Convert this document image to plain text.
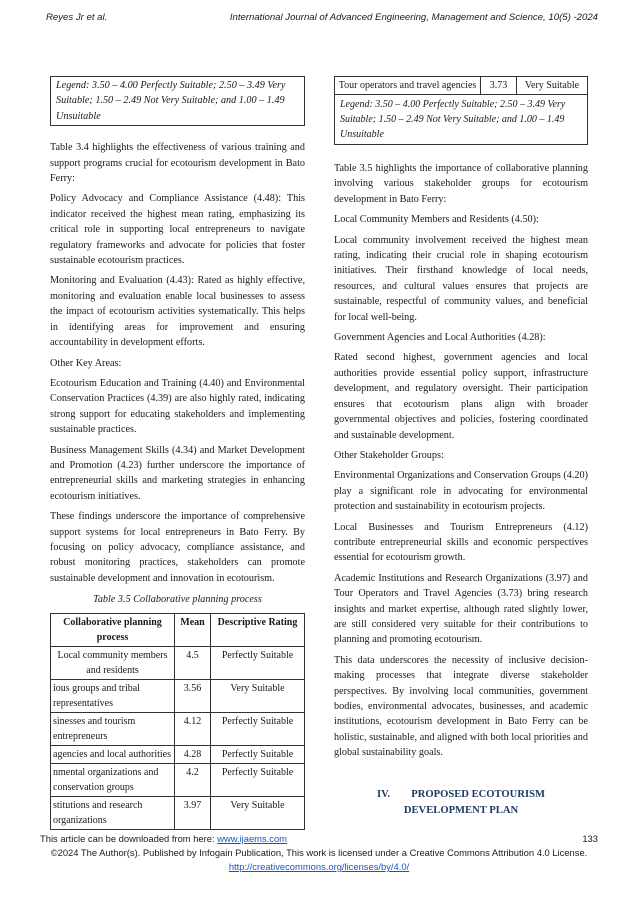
Reyes Jr et al.	International Journal of Advanced Engineering, Management and Science, 10(5) -2024
Legend: 3.50 – 4.00 Perfectly Suitable; 2.50 – 3.49 Very Suitable; 1.50 – 2.49 Not Very Suitable; and 1.00 – 1.49 Unsuitable

Table 3.4 highlights the effectiveness of various training and support programs crucial for ecotourism development in Bato Ferry:

Policy Advocacy and Compliance Assistance (4.48): This indicator received the highest mean rating, emphasizing its critical role in supporting local entrepreneurs to navigate regulatory frameworks and advocate for policies that foster sustainable ecotourism practices.

Monitoring and Evaluation (4.43): Rated as highly effective, monitoring and evaluation enable local businesses to assess the impact of ecotourism activities systematically. This helps in identifying areas for improvement and ensuring accountability in development efforts.

Other Key Areas:

Ecotourism Education and Training (4.40) and Environmental Conservation Practices (4.39) are also highly rated, indicating strong support for educating stakeholders and implementing sustainable practices.

Business Management Skills (4.34) and Market Development and Promotion (4.23) further underscore the importance of entrepreneurial skills and marketing strategies in enhancing ecotourism initiatives.

These findings underscore the importance of comprehensive support systems for local entrepreneurs in Bato Ferry. By focusing on policy advocacy, compliance assistance, and robust monitoring practices, stakeholders can promote sustainable development and innovation in ecotourism.

Table 3.5 Collaborative planning process
Collaborative planning process	Mean	Descriptive Rating
Local community members and residents	4.5	Perfectly Suitable
ious groups and tribal representatives	3.56	Very Suitable
sinesses and tourism entrepreneurs	4.12	Perfectly Suitable
agencies and local authorities	4.28	Perfectly Suitable
nmental organizations and conservation groups	4.2	Perfectly Suitable
stitutions and research organizations	3.97	Very Suitable
Tour operators and travel agencies	3.73	Very Suitable
Legend: 3.50 – 4.00 Perfectly Suitable; 2.50 – 3.49 Very Suitable; 1.50 – 2.49 Not Very Suitable; and 1.00 – 1.49 Unsuitable

Table 3.5 highlights the importance of collaborative planning involving various stakeholder groups for ecotourism development in Bato Ferry:

Local Community Members and Residents (4.50):

Local community involvement received the highest mean rating, indicating their crucial role in shaping ecotourism initiatives. Their firsthand knowledge of local needs, resources, and cultural values ensures that projects are sustainable, respectful of community values, and beneficial for local well-being.

Government Agencies and Local Authorities (4.28):

Rated second highest, government agencies and local authorities provide essential policy support, infrastructure development, and regulatory oversight. Their participation ensures that ecotourism plans align with broader governmental objectives and policies, fostering coordinated and sustainable development.

Other Stakeholder Groups:

Environmental Organizations and Conservation Groups (4.20) play a significant role in advocating for environmental protection and sustainability in ecotourism projects.

Local Businesses and Tourism Entrepreneurs (4.12) contribute entrepreneurial skills and economic perspectives essential for ecotourism growth.

Academic Institutions and Research Organizations (3.97) and Tour Operators and Travel Agencies (3.73) bring research insights and market expertise, although rated slightly lower, are still considered very suitable for their contributions to planning and promoting ecotourism.

This data underscores the necessity of inclusive decision-making processes that integrate diverse stakeholder perspectives. By involving local communities, government bodies, environmental advocates, businesses, and academic institutions, ecotourism development in Bato Ferry can be holistic, sustainable, and aligned with both local priorities and global sustainability goals.

IV. PROPOSED ECOTOURISM
DEVELOPMENT PLAN
This article can be downloaded from here: www.ijaems.com	133
©2024 The Author(s). Published by Infogain Publication, This work is licensed under a Creative Commons Attribution 4.0 License.
http://creativecommons.org/licenses/by/4.0/
